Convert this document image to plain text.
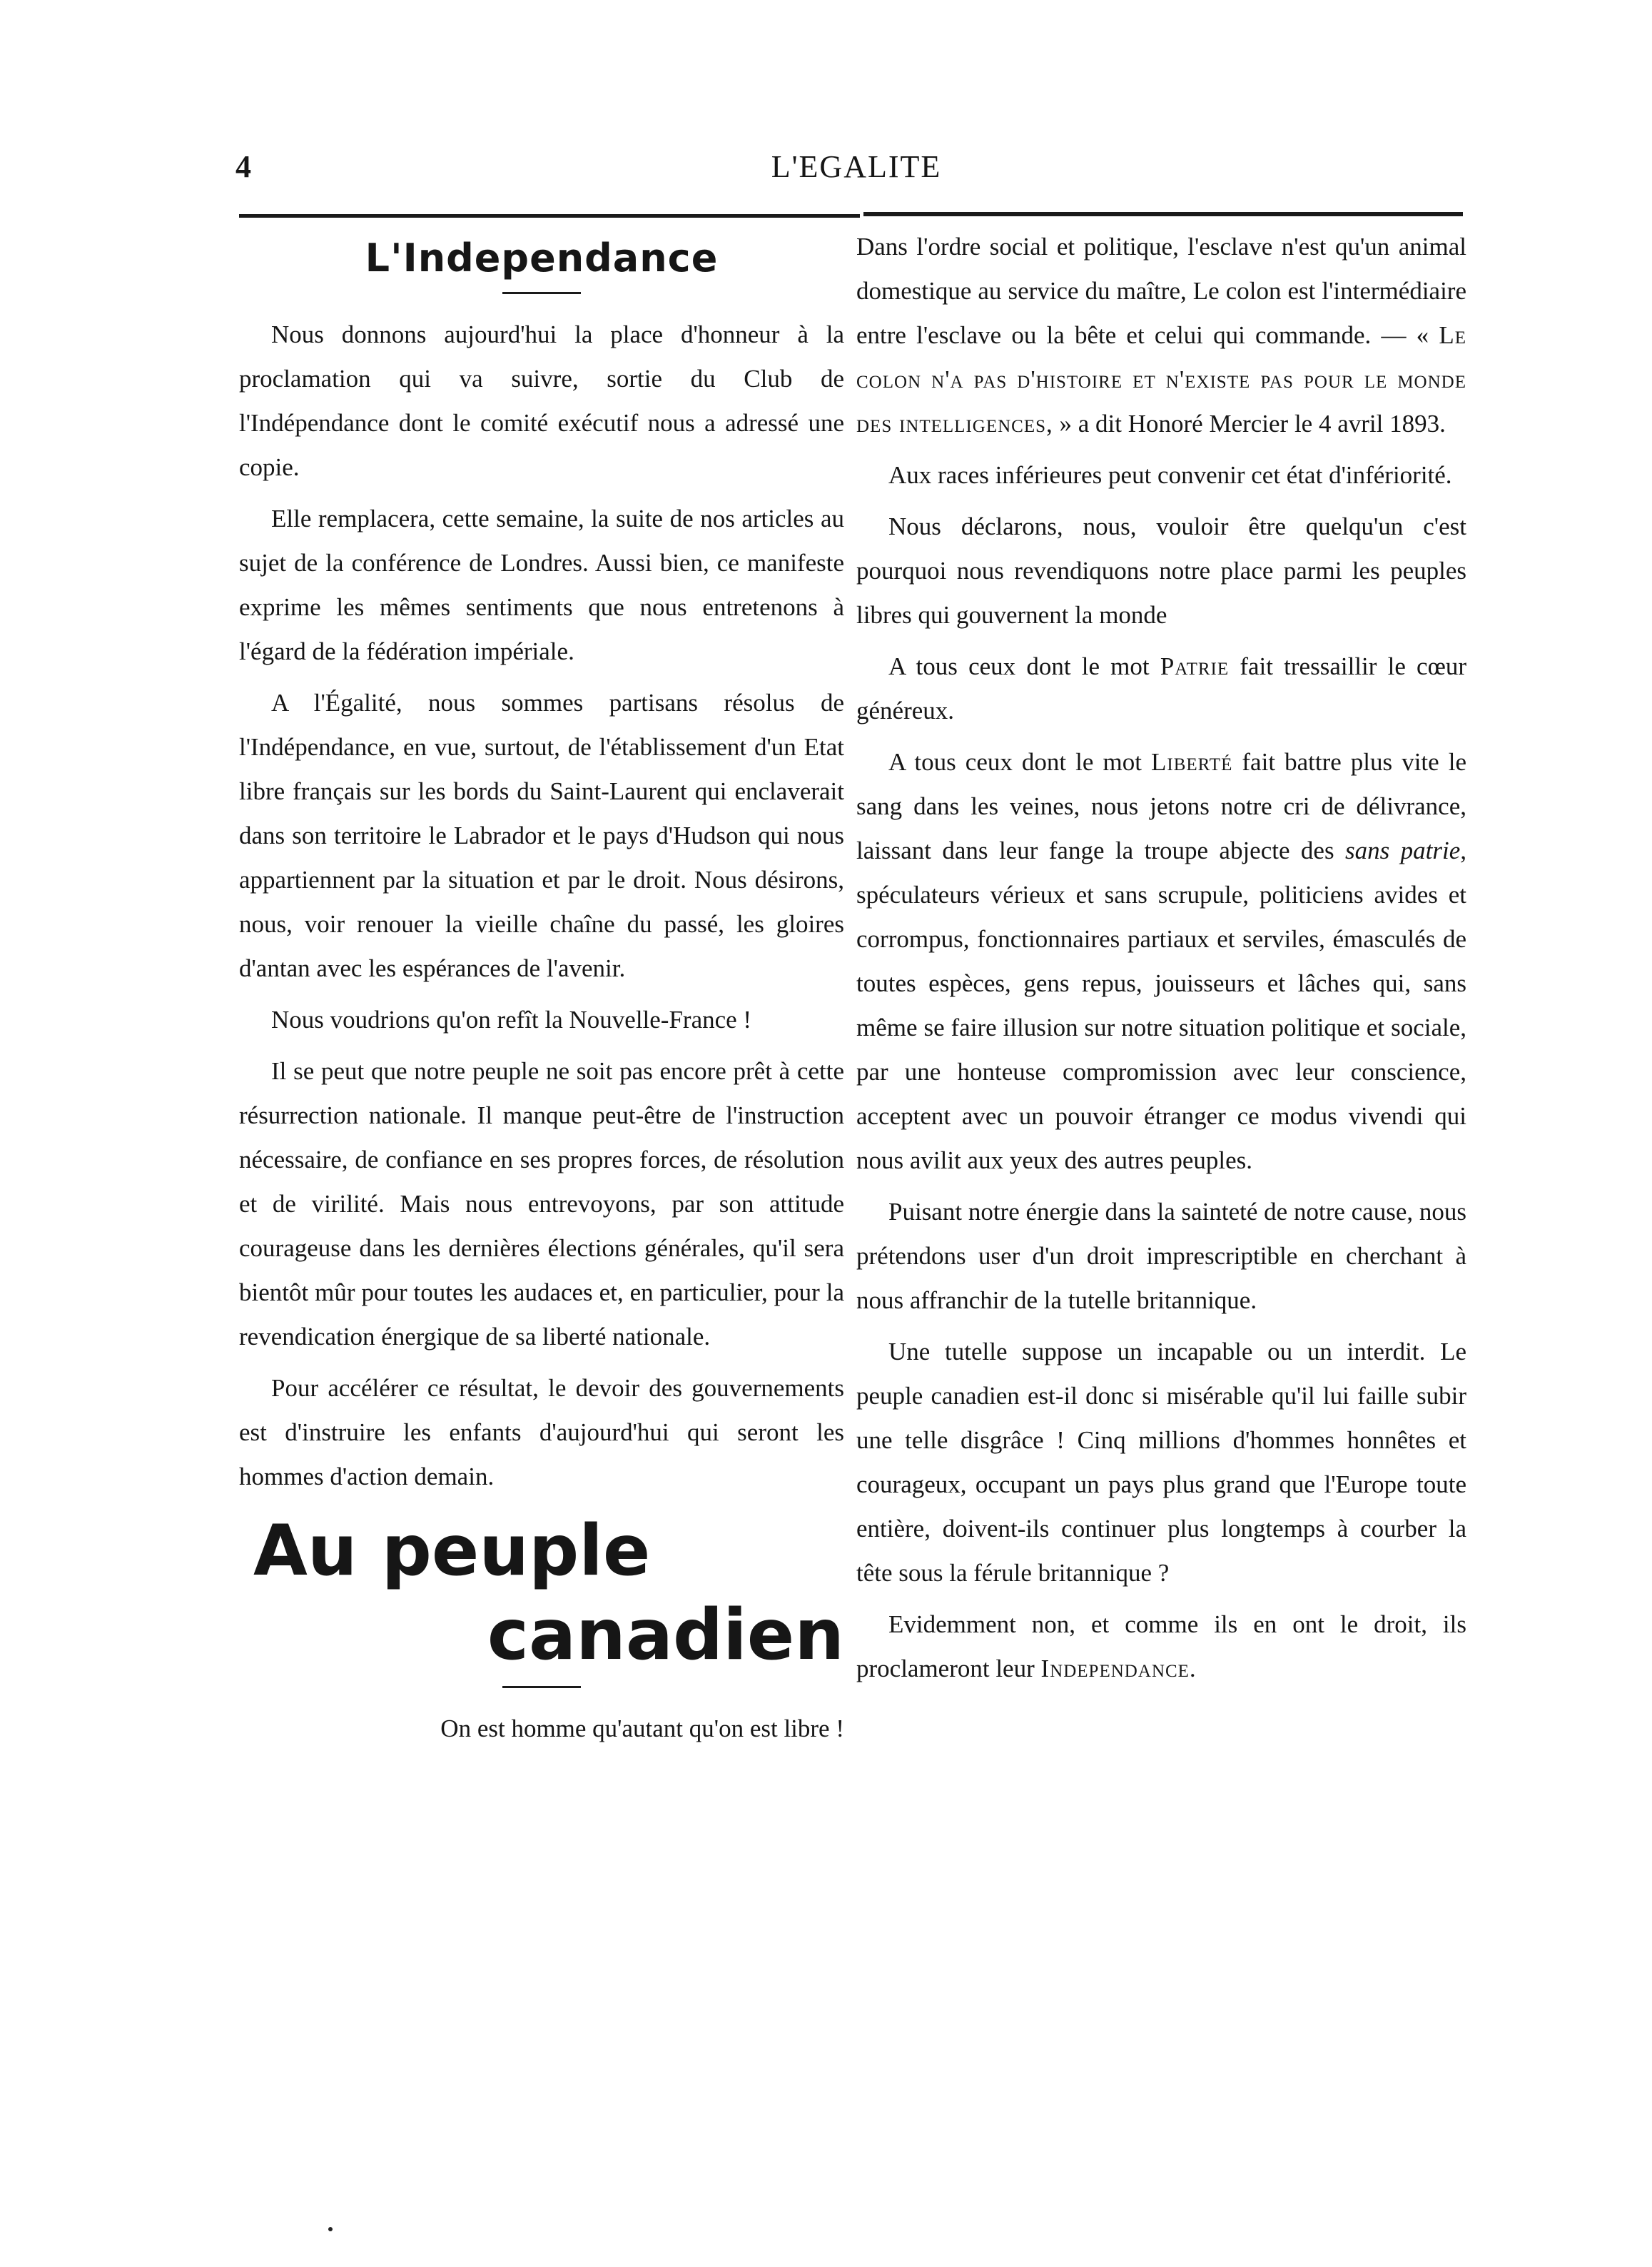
4	L'EGALITE
L'Independance

Nous donnons aujourd'hui la place d'honneur à la proclamation qui va suivre, sortie du Club de l'Indépendance dont le comité exécutif nous a adressé une copie.

Elle remplacera, cette semaine, la suite de nos articles au sujet de la conférence de Londres. Aussi bien, ce manifeste exprime les mêmes sentiments que nous entretenons à l'égard de la fédération impériale.

A l'Égalité, nous sommes partisans résolus de l'Indépendance, en vue, surtout, de l'établissement d'un Etat libre français sur les bords du Saint-Laurent qui enclaverait dans son territoire le Labrador et le pays d'Hudson qui nous appartiennent par la situation et par le droit. Nous désirons, nous, voir renouer la vieille chaîne du passé, les gloires d'antan avec les espérances de l'avenir.

Nous voudrions qu'on refît la Nouvelle-France !

Il se peut que notre peuple ne soit pas encore prêt à cette résurrection nationale. Il manque peut-être de l'instruction nécessaire, de confiance en ses propres forces, de résolution et de virilité. Mais nous entrevoyons, par son attitude courageuse dans les dernières élections générales, qu'il sera bientôt mûr pour toutes les audaces et, en particulier, pour la revendication énergique de sa liberté nationale.

Pour accélérer ce résultat, le devoir des gouvernements est d'instruire les enfants d'aujourd'hui qui seront les hommes d'action demain.

Au peuple
canadien

On est homme qu'autant qu'on est libre !

Dans l'ordre social et politique, l'esclave n'est qu'un animal domestique au service du maître, Le colon est l'intermédiaire entre l'esclave ou la bête et celui qui commande. — « Le colon n'a pas d'histoire et n'existe pas pour le monde des intelligences, » a dit Honoré Mercier le 4 avril 1893.

Aux races inférieures peut convenir cet état d'infériorité.

Nous déclarons, nous, vouloir être quelqu'un c'est pourquoi nous revendiquons notre place parmi les peuples libres qui gouvernent la monde

A tous ceux dont le mot Patrie fait tressaillir le cœur généreux.

A tous ceux dont le mot Liberté fait battre plus vite le sang dans les veines, nous jetons notre cri de délivrance, laissant dans leur fange la troupe abjecte des sans patrie, spéculateurs vérieux et sans scrupule, politiciens avides et corrompus, fonctionnaires partiaux et serviles, émasculés de toutes espèces, gens repus, jouisseurs et lâches qui, sans même se faire illusion sur notre situation politique et sociale, par une honteuse compromission avec leur conscience, acceptent avec un pouvoir étranger ce modus vivendi qui nous avilit aux yeux des autres peuples.

Puisant notre énergie dans la sainteté de notre cause, nous prétendons user d'un droit imprescriptible en cherchant à nous affranchir de la tutelle britannique.

Une tutelle suppose un incapable ou un interdit. Le peuple canadien est-il donc si misérable qu'il lui faille subir une telle disgrâce ! Cinq millions d'hommes honnêtes et courageux, occupant un pays plus grand que l'Europe toute entière, doivent-ils continuer plus longtemps à courber la tête sous la férule britannique ?

Evidemment non, et comme ils en ont le droit, ils proclameront leur Independance.
